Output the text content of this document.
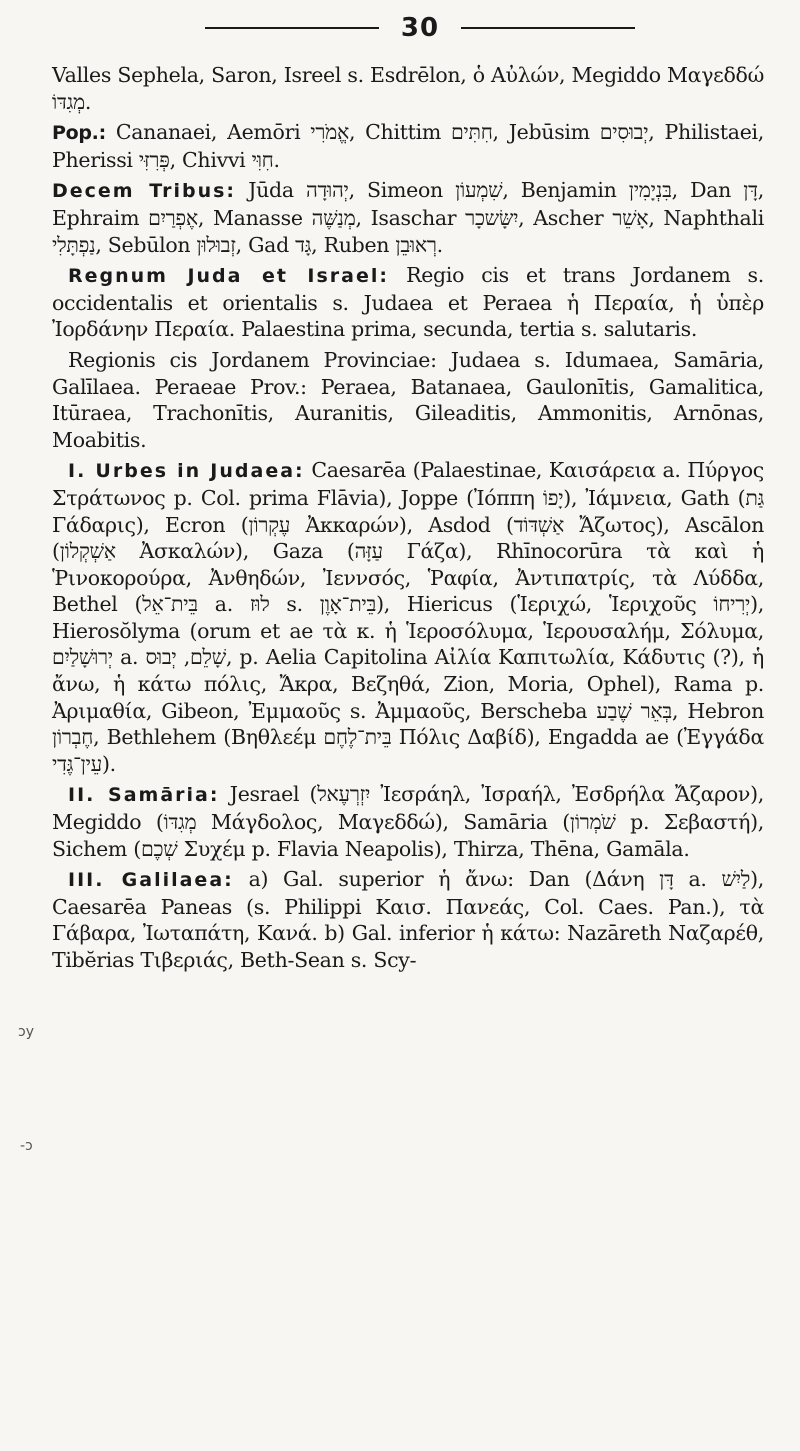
30
ɔy
-ɔ

Valles Sephela, Saron, Isreel s. Esdrēlon, ὁ Αὐλών, Megiddo Μαγεδδώ מְגִדּוֹ.

Pop.: Cananaei, Aemōri אֱמֹרִי, Chittim חִתִּים, Jebūsim יְבוּסִים, Philistaei, Pherissi פְּרִזִּי, Chivvi חִוִּי.

Decem Tribus: Jūda יְהוּדָה, Simeon שִׁמְעוֹן, Benjamin בִּנְיָמִין, Dan דָּן, Ephraim אֶפְרַיִם, Manasse מְנַשֶּׁה, Isaschar יִשָּׂשכָר, Ascher אָשֵׁר, Naphthali נַפְתָּלִי, Sebūlon זְבוּלוּן, Gad גָּד, Ruben רְאוּבֵן.

Regnum Juda et Israel: Regio cis et trans Jordanem s. occidentalis et orientalis s. Judaea et Peraea ἡ Περαία, ἡ ὑπὲρ Ἰορδάνην Περαία. Palaestina prima, secunda, tertia s. salutaris.

Regionis cis Jordanem Provinciae: Judaea s. Idumaea, Samāria, Galīlaea. Peraeae Prov.: Peraea, Batanaea, Gaulonītis, Gamalitica, Itūraea, Trachonītis, Auranitis, Gileaditis, Ammonitis, Arnōnas, Moabitis.

I. Urbes in Judaea: Caesarēa (Palaestinae, Καισάρεια a. Πύργος Στράτωνος p. Col. prima Flāvia), Joppe (Ἰόππη יָפוֹ), Ἰάμνεια, Gath (גַּת Γάδαρις), Ecron (עֶקְרוֹן Ἀκκαρών), Asdod (אַשְׁדּוֹד Ἄζωτος), Ascālon (אַשְׁקְלוֹן Ἀσκαλών), Gaza (עַזָּה Γάζα), Rhīnocorūra τὰ καὶ ἡ Ῥινοκορούρα, Ἀνθηδών, Ἰεννσός, Ῥαφία, Ἀντιπατρίς, τὰ Λύδδα, Bethel (בֵּית־אֵל a. לוּז s. בֵּית־אָוֶן), Hiericus (Ἱεριχώ, Ἱεριχοῦς יְרִיחוֹ), Hierosŏlyma (orum et ae τὰ κ. ἡ Ἱεροσόλυμα, Ἱερουσαλήμ, Σόλυμα, יְרוּשָׁלַיִם a. שָׁלֵם, יְבוּס, p. Aelia Capitolina Αἰλία Καπιτωλία, Κάδυτις (?), ἡ ἄνω, ἡ κάτω πόλις, Ἄκρα, Βεζηθά, Zion, Moria, Ophel), Rama p. Ἀριμαθία, Gibeon, Ἐμμαοῦς s. Ἀμμαοῦς, Berscheba בְּאֵר שֶׁבַע, Hebron חֶבְרוֹן, Bethlehem (Βηθλεέμ בֵּית־לֶחֶם Πόλις Δαβίδ), Engadda ae (Ἐγγάδα עֵין־גֶּדִי).

II. Samāria: Jesrael (יִזְרְעֶאל Ἰεσράηλ, Ἰσραήλ, Ἐσδρήλα Ἄζαρον), Megiddo (מְגִדּוֹ Μάγδολος, Μαγεδδώ), Samāria (שֹׁמְרוֹן p. Σεβαστή), Sichem (שְׁכֶם Συχέμ p. Flavia Neapolis), Thirza, Thēna, Gamāla.

III. Galilaea: a) Gal. superior ἡ ἄνω: Dan (Δάνη דָּן a. לַיִשׁ), Caesarēa Paneas (s. Philippi Καισ. Πανεάς, Col. Caes. Pan.), τὰ Γάβαρα, Ἰωταπάτη, Κανά. b) Gal. inferior ἡ κάτω: Nazāreth Ναζαρέθ, Tibĕrias Τιβεριάς, Beth-Sean s. Scy-
